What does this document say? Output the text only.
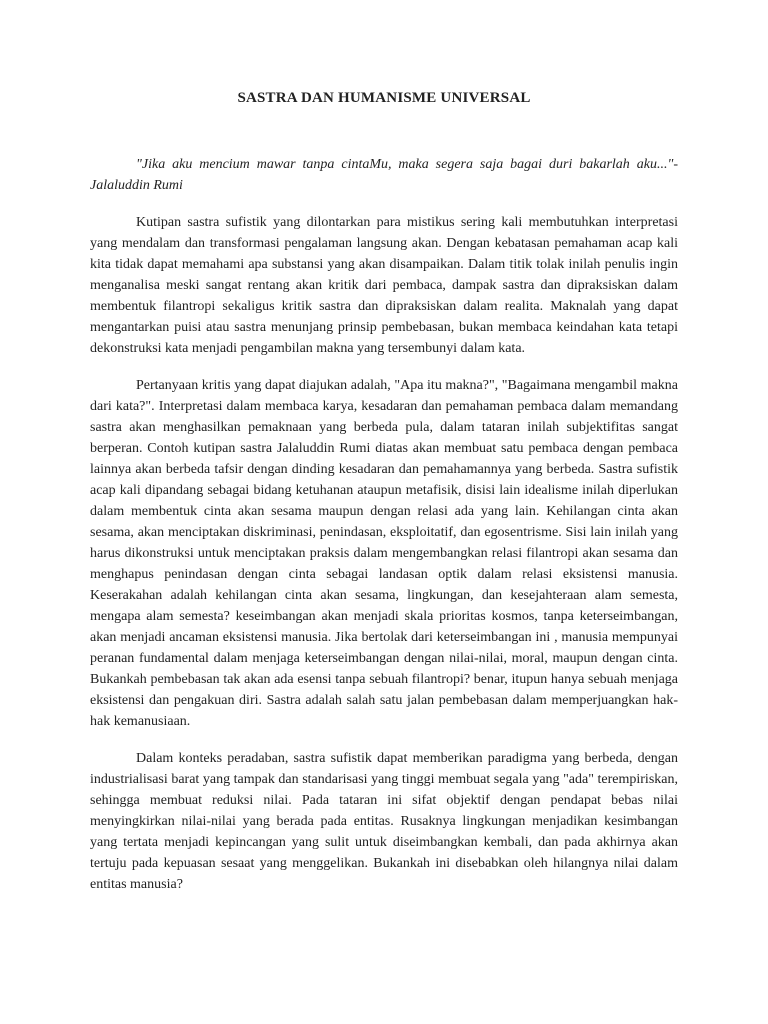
SASTRA DAN HUMANISME UNIVERSAL

"Jika aku mencium mawar tanpa cintaMu, maka segera saja bagai duri bakarlah aku..."- Jalaluddin Rumi

Kutipan sastra sufistik yang dilontarkan para mistikus sering kali membutuhkan interpretasi yang mendalam dan transformasi pengalaman langsung akan. Dengan kebatasan pemahaman acap kali kita tidak dapat memahami apa substansi yang akan disampaikan. Dalam titik tolak inilah penulis ingin menganalisa meski sangat rentang akan kritik dari pembaca, dampak sastra dan dipraksiskan dalam membentuk filantropi sekaligus kritik sastra dan dipraksiskan dalam realita. Maknalah yang dapat mengantarkan puisi atau sastra menunjang prinsip pembebasan, bukan membaca keindahan kata tetapi dekonstruksi kata menjadi pengambilan makna yang tersembunyi dalam kata.

Pertanyaan kritis yang dapat diajukan adalah, "Apa itu makna?", "Bagaimana mengambil makna dari kata?". Interpretasi dalam membaca karya, kesadaran dan pemahaman pembaca dalam memandang sastra akan menghasilkan pemaknaan yang berbeda pula, dalam tataran inilah subjektifitas sangat berperan. Contoh kutipan sastra Jalaluddin Rumi diatas akan membuat satu pembaca dengan pembaca lainnya akan berbeda tafsir dengan dinding kesadaran dan pemahamannya yang berbeda. Sastra sufistik acap kali dipandang sebagai bidang ketuhanan ataupun metafisik, disisi lain idealisme inilah diperlukan dalam membentuk cinta akan sesama maupun dengan relasi ada yang lain. Kehilangan cinta akan sesama, akan menciptakan diskriminasi, penindasan, eksploitatif, dan egosentrisme. Sisi lain inilah yang harus dikonstruksi untuk menciptakan praksis dalam mengembangkan relasi filantropi akan sesama dan menghapus penindasan dengan cinta sebagai landasan optik dalam relasi eksistensi manusia. Keserakahan adalah kehilangan cinta akan sesama, lingkungan, dan kesejahteraan alam semesta, mengapa alam semesta? keseimbangan akan menjadi skala prioritas kosmos, tanpa keterseimbangan, akan menjadi ancaman eksistensi manusia. Jika bertolak dari keterseimbangan ini , manusia mempunyai peranan fundamental dalam menjaga keterseimbangan dengan nilai-nilai, moral, maupun dengan cinta. Bukankah pembebasan tak akan ada esensi tanpa sebuah filantropi? benar, itupun hanya sebuah menjaga eksistensi dan pengakuan diri. Sastra adalah salah satu jalan pembebasan dalam memperjuangkan hak-hak kemanusiaan.

Dalam konteks peradaban, sastra sufistik dapat memberikan paradigma yang berbeda, dengan industrialisasi barat yang tampak dan standarisasi yang tinggi membuat segala yang "ada" terempiriskan, sehingga membuat reduksi nilai. Pada tataran ini sifat objektif dengan pendapat bebas nilai menyingkirkan nilai-nilai yang berada pada entitas. Rusaknya lingkungan menjadikan kesimbangan yang tertata menjadi kepincangan yang sulit untuk diseimbangkan kembali, dan pada akhirnya akan tertuju pada kepuasan sesaat yang menggelikan. Bukankah ini disebabkan oleh hilangnya nilai dalam entitas manusia?
